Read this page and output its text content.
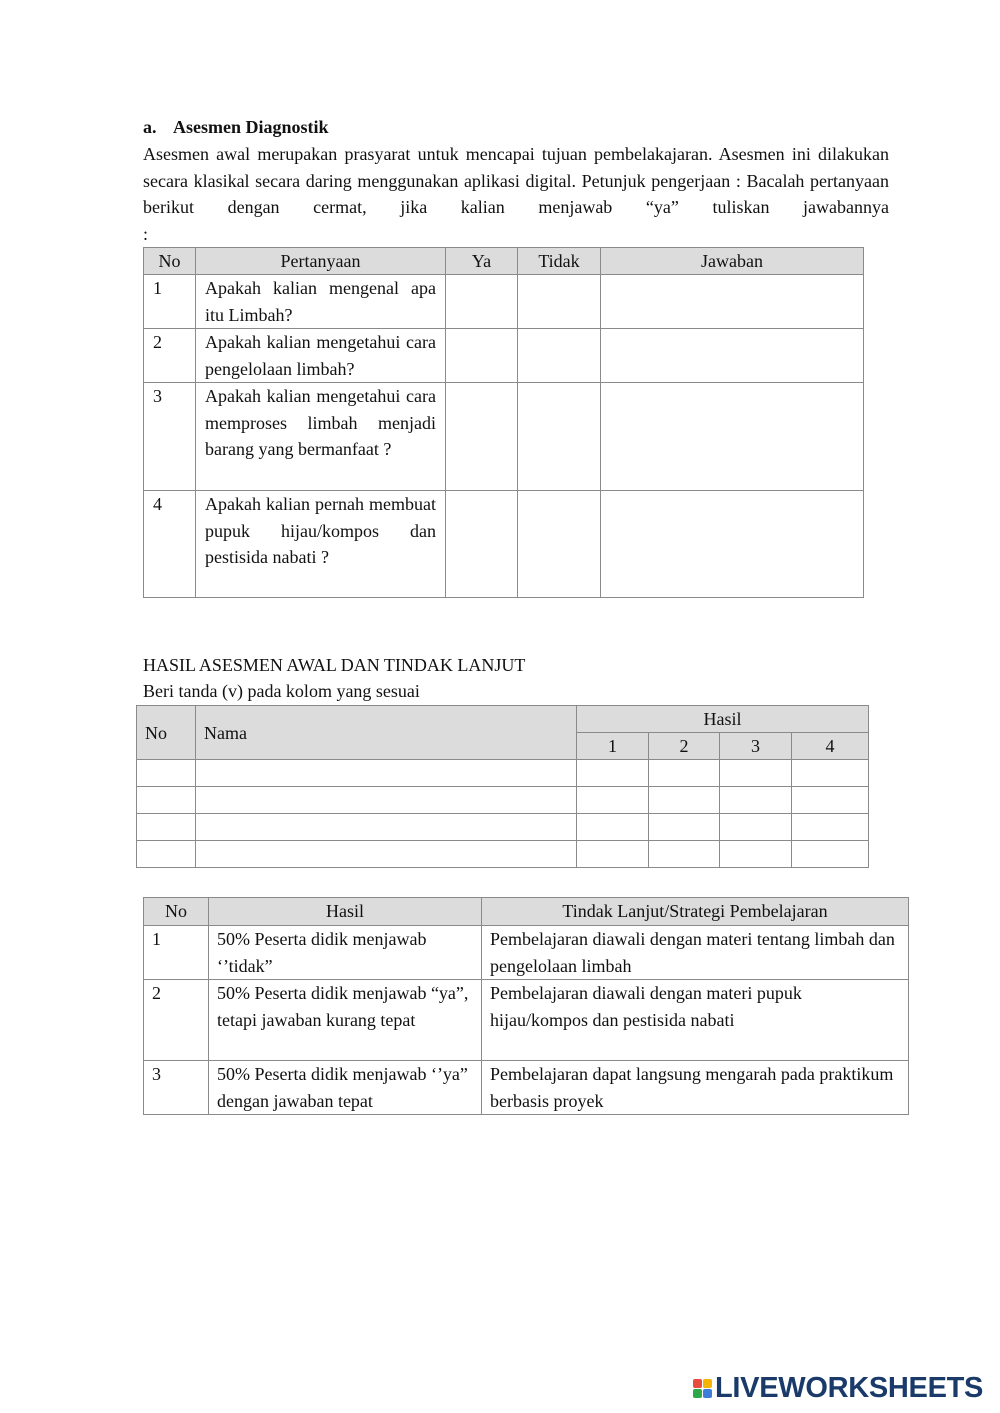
a. Asesmen Diagnostik

Asesmen awal merupakan prasyarat untuk mencapai tujuan pembelakajaran. Asesmen ini dilakukan secara klasikal secara daring menggunakan aplikasi digital. Petunjuk pengerjaan : Bacalah pertanyaan berikut dengan cermat, jika kalian menjawab “ya” tuliskan jawabannya

:

No	Pertanyaan	Ya	Tidak	Jawaban
1	Apakah kalian mengenal apa itu Limbah?			
2	Apakah kalian mengetahui cara pengelolaan limbah?			
3	Apakah kalian mengetahui cara memproses limbah menjadi barang yang bermanfaat ?			
4	Apakah kalian pernah membuat pupuk hijau/kompos dan pestisida nabati ?			

HASIL ASESMEN AWAL DAN TINDAK LANJUT

Beri tanda (v) pada kolom yang sesuai

No	Nama	Hasil			
		1	2	3	4

No	Hasil	Tindak Lanjut/Strategi Pembelajaran
1	50% Peserta didik menjawab ‘’tidak”	Pembelajaran diawali dengan materi tentang limbah dan pengelolaan limbah
2	50% Peserta didik menjawab “ya”, tetapi jawaban kurang tepat	Pembelajaran diawali dengan materi pupuk hijau/kompos dan pestisida nabati
3	50% Peserta didik menjawab ‘’ya” dengan jawaban tepat	Pembelajaran dapat langsung mengarah pada praktikum berbasis proyek
LIVEWORKSHEETS
